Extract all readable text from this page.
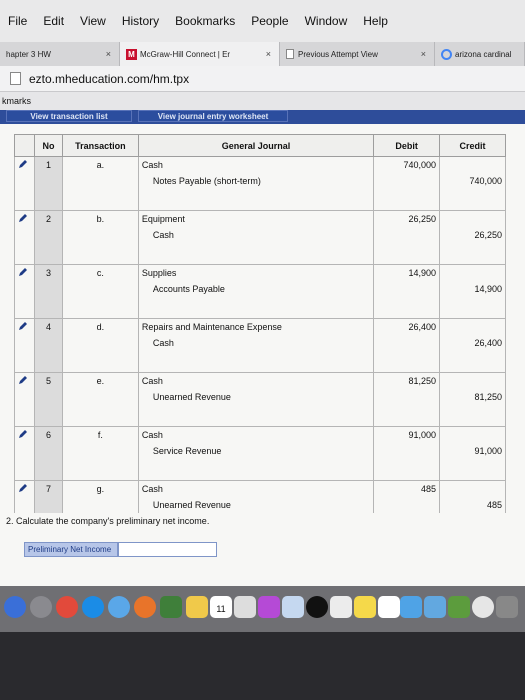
File Edit View History Bookmarks People Window Help
hapter 3 HW	× M McGraw-Hill Connect | Er	×	Previous Attempt View	×	arizona cardinal
ezto.mheducation.com/hm.tpx
kmarks
View transaction list	View journal entry worksheet
	No	Transaction	General Journal	Debit	Credit
	1	a.	Cash	740,000	
			Notes Payable (short-term)		740,000

	2	b.	Equipment	26,250	
			Cash		26,250

	3	c.	Supplies	14,900	
			Accounts Payable		14,900

	4	d.	Repairs and Maintenance Expense	26,400	
			Cash		26,400

	5	e.	Cash	81,250	
			Unearned Revenue		81,250

	6	f.	Cash	91,000	
			Service Revenue		91,000

	7	g.	Cash	485	
			Unearned Revenue		485
2. Calculate the company's preliminary net income.
Preliminary Net Income
11
